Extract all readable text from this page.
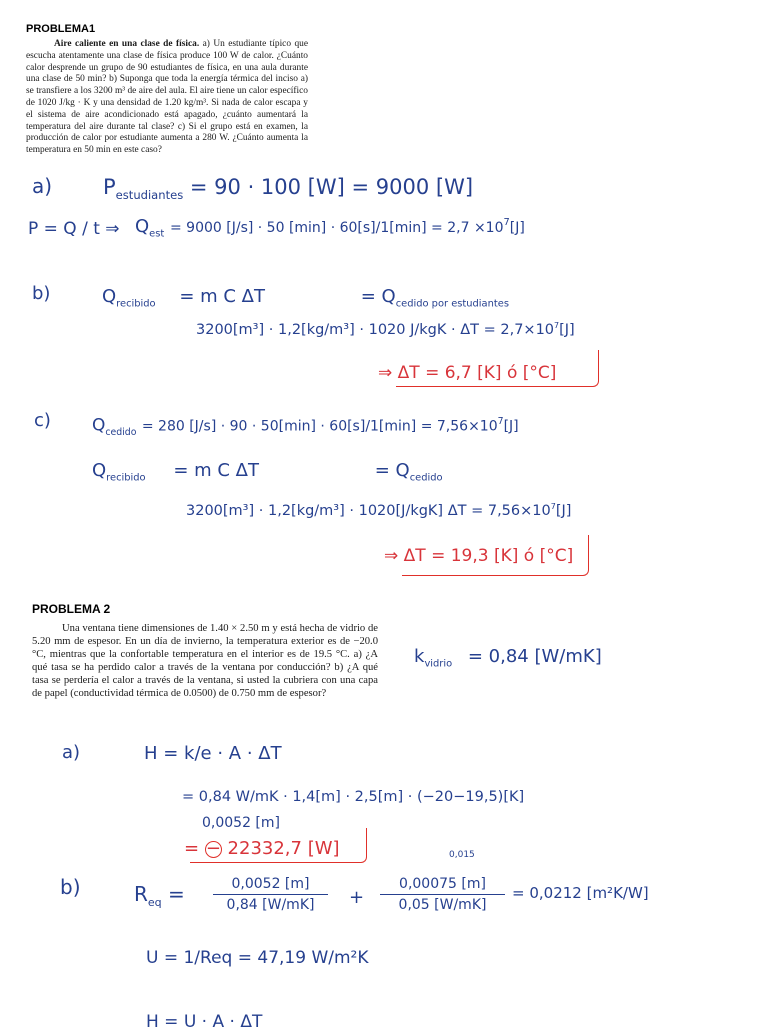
PROBLEMA1

Aire caliente en una clase de física. a) Un estudiante típico que escucha atentamente una clase de física produce 100 W de calor. ¿Cuánto calor desprende un grupo de 90 estudiantes de física, en una aula durante una clase de 50 min? b) Suponga que toda la energía térmica del inciso a) se transfiere a los 3200 m³ de aire del aula. El aire tiene un calor específico de 1020 J/kg · K y una densidad de 1.20 kg/m³. Si nada de calor escapa y el sistema de aire acondicionado está apagado, ¿cuánto aumentará la temperatura del aire durante tal clase? c) Si el grupo está en examen, la producción de calor por estudiante aumenta a 280 W. ¿Cuánto aumenta la temperatura en 50 min en este caso?

a) $P_{estudiantes} = 90 \cdot 100$ [W] = 9000 [W]
P = Q / t ⇒ $Q_{est} = 9000$ [J/s] · 50 $[\min] \cdot 60[s]/1[\min] = 2,7 \times 10^7[J]$
b)	$Q_{recibido} = m$ C ΔT	= $Q_{cedido por estudiantes}$
3200[m³] · 1,2[kg/m³] · 1020 $J/kgK \cdot \Delta T = 2,7\times 10^7[J]$
⇒ ΔT = 6,7 [K] ó [°C]
c) $Q_{cedido} = 280$ $[J/s] \cdot 90 \cdot 50[\min] \cdot 60[s]/1[\min] = 7,56\times 10^7[J]$
$Q_{recibido} = m$ C ΔT	= $Q_{cedido}$
3200[m³] · 1,2[kg/m³] · 1020[J/kgK] $\Delta T = 7,56\times 10^7[J]$
⇒ ΔT = 19,3 [K] ó [°C]
PROBLEMA 2

Una ventana tiene dimensiones de 1.40 × 2.50 m y está hecha de vidrio de 5.20 mm de espesor. En un día de invierno, la temperatura exterior es de −20.0 °C, mientras que la confortable temperatura en el interior es de 19.5 °C. a) ¿A qué tasa se ha perdido calor a través de la ventana por conducción? b) ¿A qué tasa se perdería el calor a través de la ventana, si usted la cubriera con una capa de papel (conductividad térmica de 0.0500) de 0.750 mm de espesor?

$k_{vidrio} = 0,84$ [W/mK]
a)	H = k/e · A · ΔT
= 0,84 W/mK · 1,4[m] · 2,5[m] · (−20−19,5)[K]
0,0052 [m]
= − 22332,7 [W]	0,015
b)	$R_{eq}$ =	0,0052 [m]
0,84 [W/mK]	+
0,00075 [m]
0,05 [W/mK]
= 0,0212 [m²K/W]
U = 1/Req = 47,19 W/m²K
H = U · A · ΔT
